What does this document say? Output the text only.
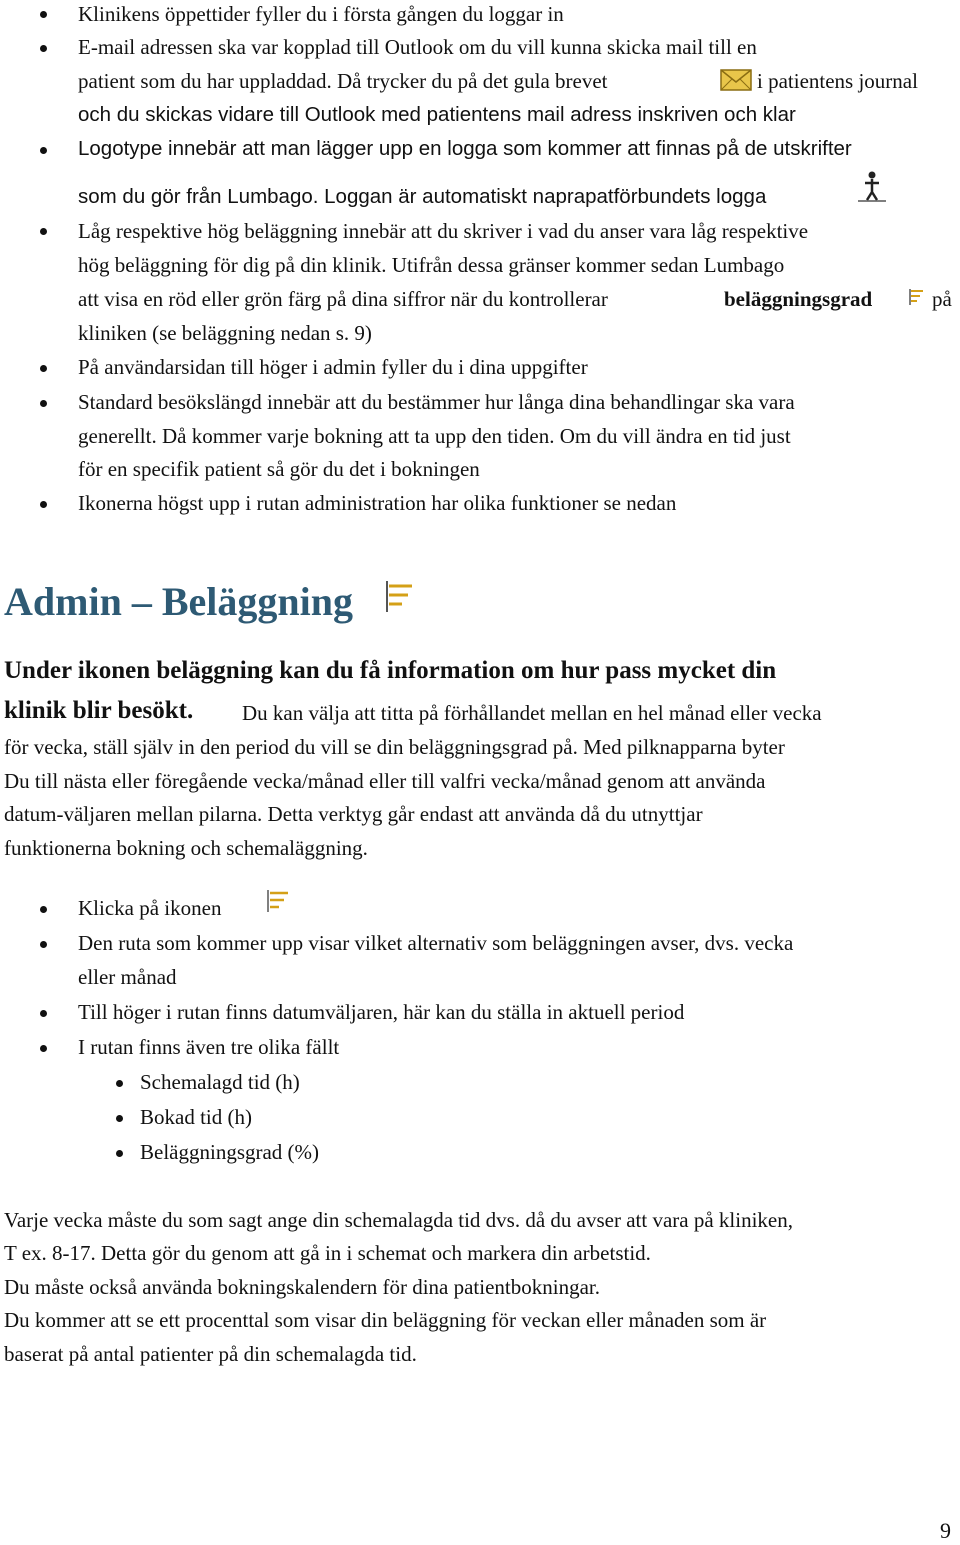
Klinikens öppettider fyller du i första gången du loggar in
E-mail adressen ska var kopplad till Outlook om du vill kunna skicka mail till en
patient som du har uppladdad. Då trycker du på det gula brevet	i patientens journal
och du skickas vidare till Outlook med patientens mail adress inskriven och klar
Logotype innebär att man lägger upp en logga som kommer att finnas på de utskrifter
som du gör från Lumbago. Loggan är automatiskt naprapatförbundets logga
Låg respektive hög beläggning innebär att du skriver i vad du anser vara låg respektive
hög beläggning för dig på din klinik. Utifrån dessa gränser kommer sedan Lumbago
att visa en röd eller grön färg på dina siffror när du kontrollerar	beläggningsgrad	på
kliniken (se beläggning nedan s. 9)
På användarsidan till höger i admin fyller du i dina uppgifter
Standard besökslängd innebär att du bestämmer hur långa dina behandlingar ska vara
generellt. Då kommer varje bokning att ta upp den tiden. Om du vill ändra en tid just
för en specifik patient så gör du det i bokningen
Ikonerna högst upp i rutan administration har olika funktioner se nedan
Admin – Beläggning
Under ikonen beläggning kan du få information om hur pass mycket din
klinik blir besökt. Du kan välja att titta på förhållandet mellan en hel månad eller vecka
för vecka, ställ själv in den period du vill se din beläggningsgrad på. Med pilknapparna byter
Du till nästa eller föregående vecka/månad eller till valfri vecka/månad genom att använda
datum-väljaren mellan pilarna. Detta verktyg går endast att använda då du utnyttjar
funktionerna bokning och schemaläggning.
Klicka på ikonen
Den ruta som kommer upp visar vilket alternativ som beläggningen avser, dvs. vecka
eller månad
Till höger i rutan finns datumväljaren, här kan du ställa in aktuell period
I rutan finns även tre olika fällt
Schemalagd tid (h)
Bokad tid (h)
Beläggningsgrad (%)
Varje vecka måste du som sagt ange din schemalagda tid dvs. då du avser att vara på kliniken,
T ex. 8-17. Detta gör du genom att gå in i schemat och markera din arbetstid.
Du måste också använda bokningskalendern för dina patientbokningar.
Du kommer att se ett procenttal som visar din beläggning för veckan eller månaden som är
baserat på antal patienter på din schemalagda tid.
9
